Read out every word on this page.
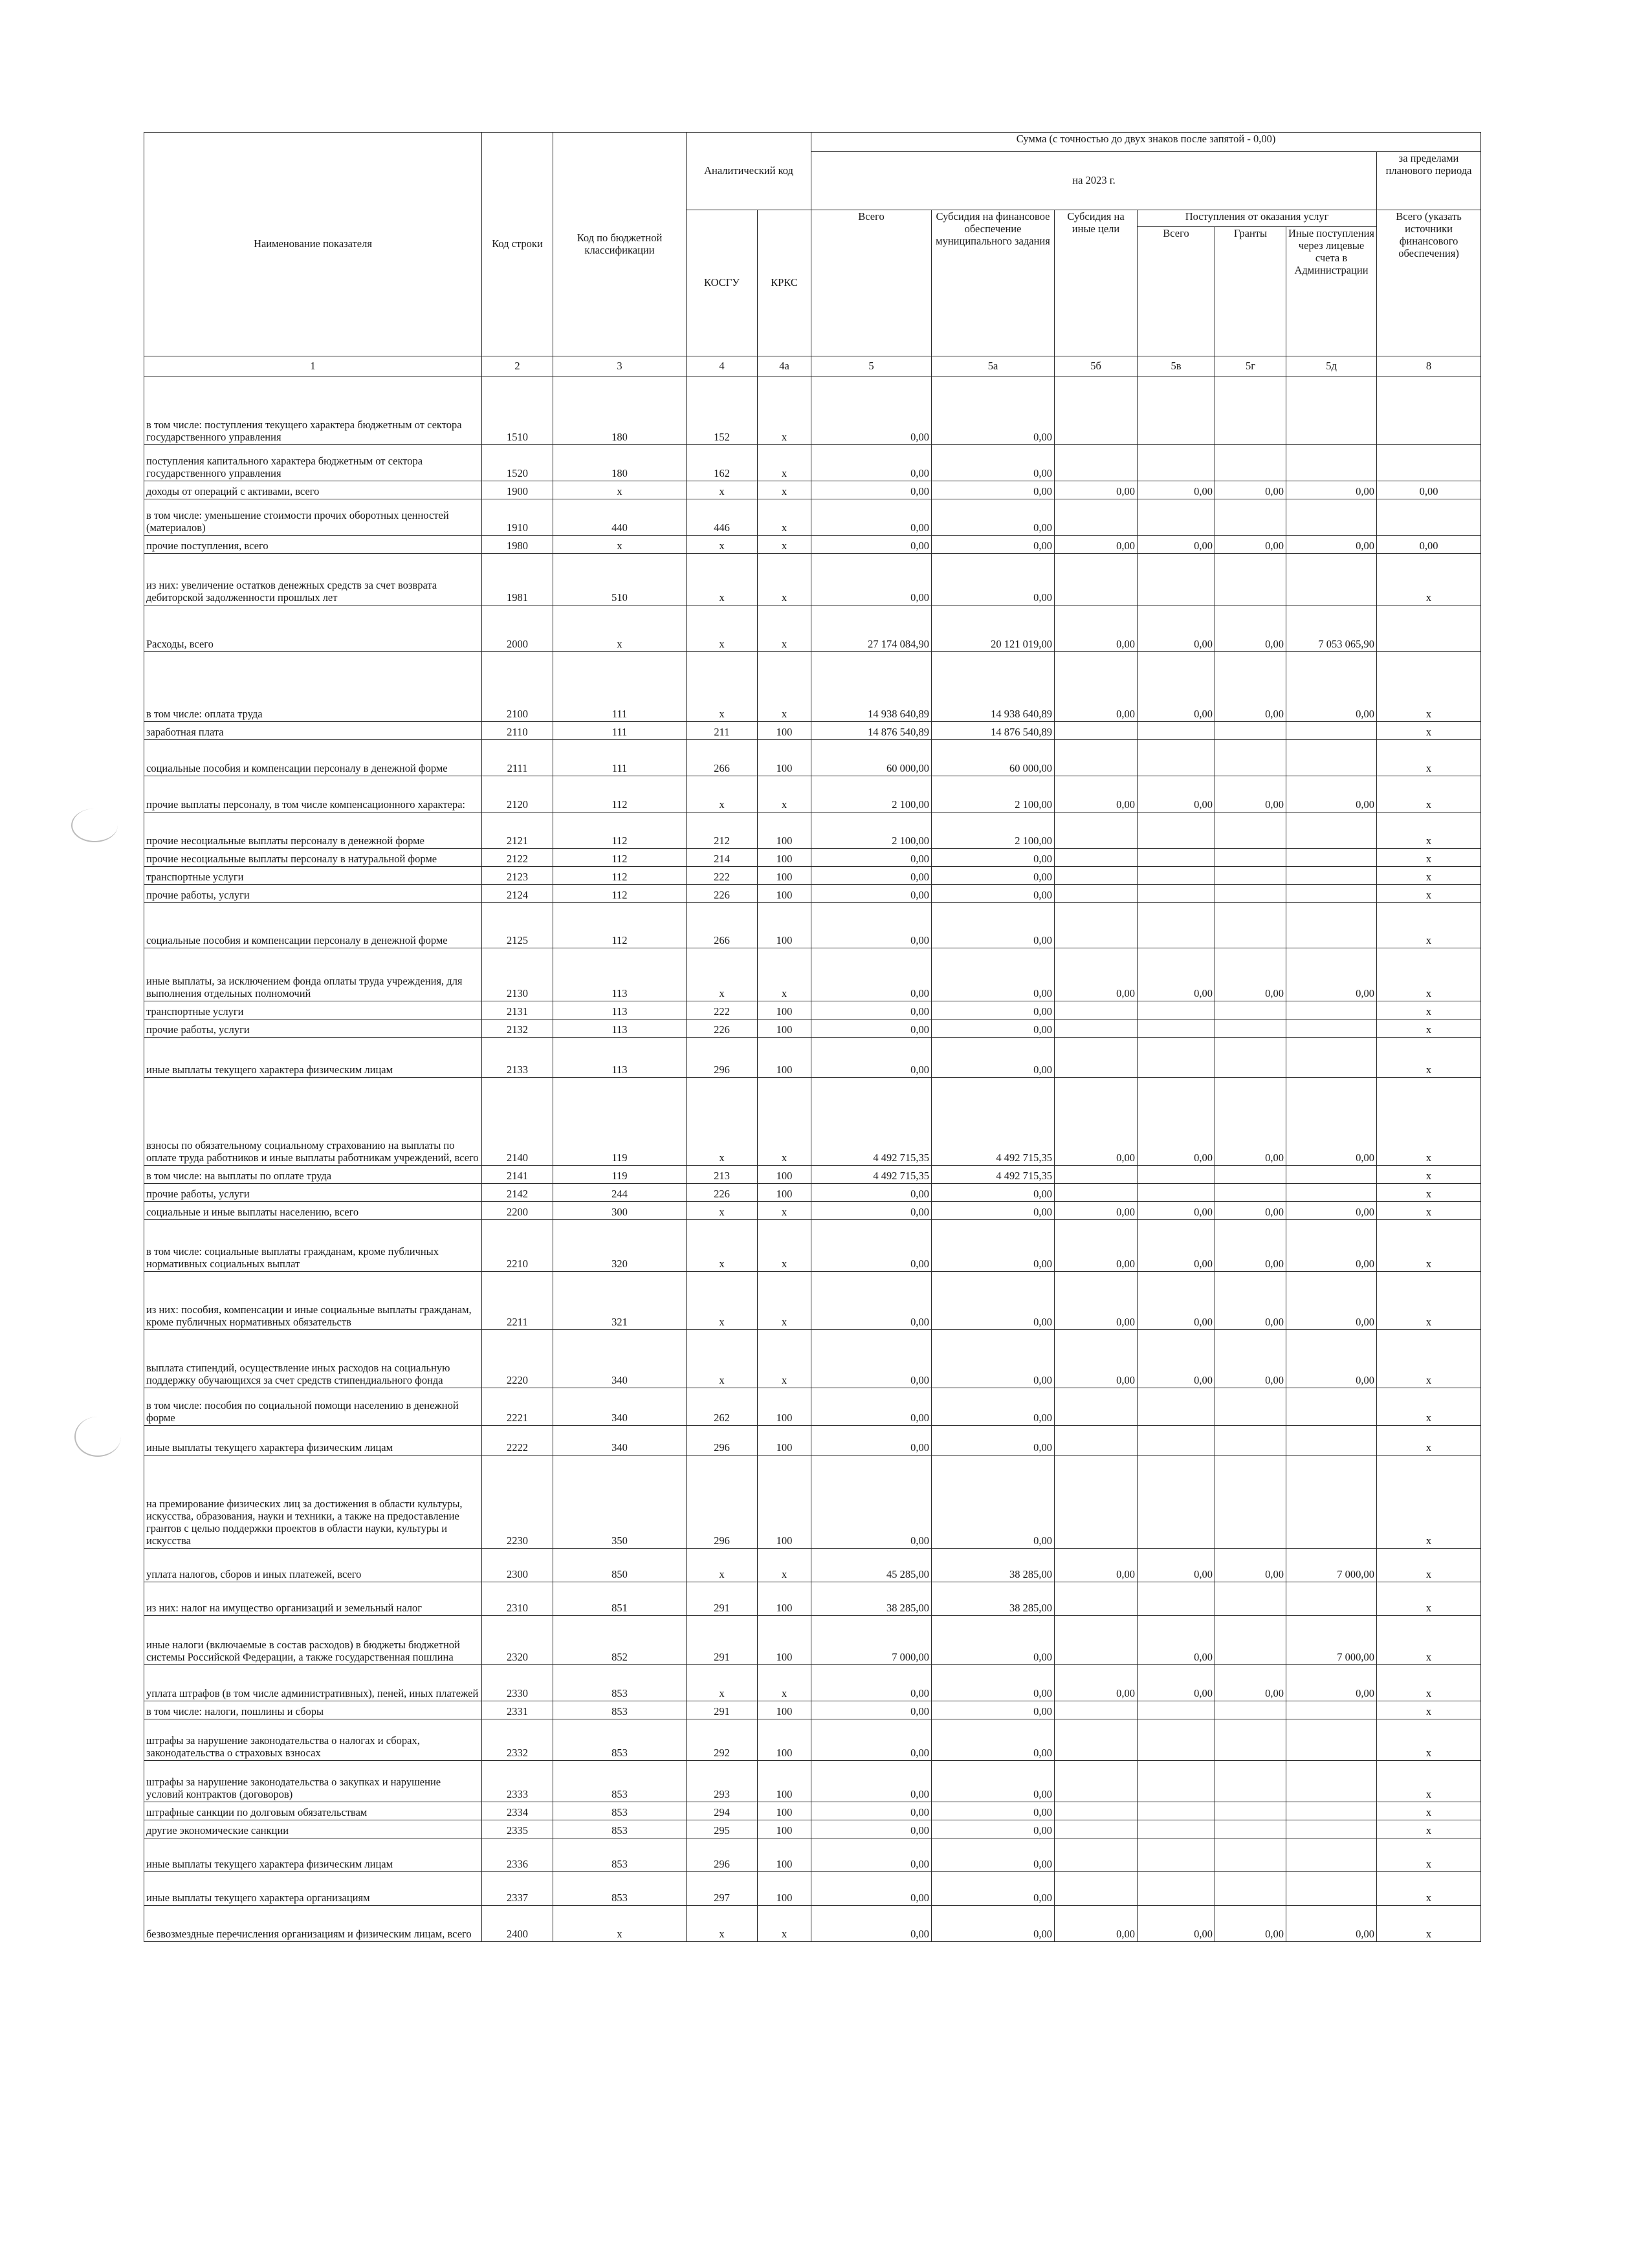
Наименование показателя	Код строки	Код по бюджетной классификации	Аналитический код		Сумма (с точностью до двух знаков после запятой - 0,00)						
					на 2023 г.						за пределами планового периода
			КОСГУ	КРКС	Всего	Субсидия на финансовое обеспечение муниципального задания	Субсидия на иные цели	Поступления от оказания услуг			Всего (указать источники финансового обеспечения)
								Всего	Гранты	Иные поступления через лицевые счета в Администрации	
1	2	3	4	4а	5	5а	5б	5в	5г	5д	8
в том числе: поступления текущего характера бюджетным от сектора государственного управления	1510	180	152	x	0,00	0,00					
поступления капитального характера бюджетным от сектора государственного управления	1520	180	162	x	0,00	0,00					
доходы от операций с активами, всего	1900	x	x	x	0,00	0,00	0,00	0,00	0,00	0,00	0,00
в том числе: уменьшение стоимости прочих оборотных ценностей (материалов)	1910	440	446	x	0,00	0,00					
прочие поступления, всего	1980	x	x	x	0,00	0,00	0,00	0,00	0,00	0,00	0,00
из них: увеличение остатков денежных средств за счет возврата дебиторской задолженности прошлых лет	1981	510	x	x	0,00	0,00					x
Расходы, всего	2000	x	x	x	27 174 084,90	20 121 019,00	0,00	0,00	0,00	7 053 065,90	
в том числе: оплата труда	2100	111	x	x	14 938 640,89	14 938 640,89	0,00	0,00	0,00	0,00	x
заработная плата	2110	111	211	100	14 876 540,89	14 876 540,89					x
социальные пособия и компенсации персоналу в денежной форме	2111	111	266	100	60 000,00	60 000,00					x
прочие выплаты персоналу, в том числе компенсационного характера:	2120	112	x	x	2 100,00	2 100,00	0,00	0,00	0,00	0,00	x
прочие несоциальные выплаты персоналу в денежной форме	2121	112	212	100	2 100,00	2 100,00					x
прочие несоциальные выплаты персоналу в натуральной форме	2122	112	214	100	0,00	0,00					x
транспортные услуги	2123	112	222	100	0,00	0,00					x
прочие работы, услуги	2124	112	226	100	0,00	0,00					x
социальные пособия и компенсации персоналу в денежной форме	2125	112	266	100	0,00	0,00					x
иные выплаты, за исключением фонда оплаты труда учреждения, для выполнения отдельных полномочий	2130	113	x	x	0,00	0,00	0,00	0,00	0,00	0,00	x
транспортные услуги	2131	113	222	100	0,00	0,00					x
прочие работы, услуги	2132	113	226	100	0,00	0,00					x
иные выплаты текущего характера физическим лицам	2133	113	296	100	0,00	0,00					x
взносы по обязательному социальному страхованию на выплаты по оплате труда работников и иные выплаты работникам учреждений, всего	2140	119	x	x	4 492 715,35	4 492 715,35	0,00	0,00	0,00	0,00	x
в том числе: на выплаты по оплате труда	2141	119	213	100	4 492 715,35	4 492 715,35					x
прочие работы, услуги	2142	244	226	100	0,00	0,00					x
социальные и иные выплаты населению, всего	2200	300	x	x	0,00	0,00	0,00	0,00	0,00	0,00	x
в том числе: социальные выплаты гражданам, кроме публичных нормативных социальных выплат	2210	320	x	x	0,00	0,00	0,00	0,00	0,00	0,00	x
из них: пособия, компенсации и иные социальные выплаты гражданам, кроме публичных нормативных обязательств	2211	321	x	x	0,00	0,00	0,00	0,00	0,00	0,00	x
выплата стипендий, осуществление иных расходов на социальную поддержку обучающихся за счет средств стипендиального фонда	2220	340	x	x	0,00	0,00	0,00	0,00	0,00	0,00	x
в том числе: пособия по социальной помощи населению в денежной форме	2221	340	262	100	0,00	0,00					x
иные выплаты текущего характера физическим лицам	2222	340	296	100	0,00	0,00					x
на премирование физических лиц за достижения в области культуры, искусства, образования, науки и техники, а также на предоставление грантов с целью поддержки проектов в области науки, культуры и искусства	2230	350	296	100	0,00	0,00					x
уплата налогов, сборов и иных платежей, всего	2300	850	x	x	45 285,00	38 285,00	0,00	0,00	0,00	7 000,00	x
из них: налог на имущество организаций и земельный налог	2310	851	291	100	38 285,00	38 285,00					x
иные налоги (включаемые в состав расходов) в бюджеты бюджетной системы Российской Федерации, а также государственная пошлина	2320	852	291	100	7 000,00	0,00		0,00		7 000,00	x
уплата штрафов (в том числе административных), пеней, иных платежей	2330	853	x	x	0,00	0,00	0,00	0,00	0,00	0,00	x
в том числе: налоги, пошлины и сборы	2331	853	291	100	0,00	0,00					x
штрафы за нарушение законодательства о налогах и сборах, законодательства о страховых взносах	2332	853	292	100	0,00	0,00					x
штрафы за нарушение законодательства о закупках и нарушение условий контрактов (договоров)	2333	853	293	100	0,00	0,00					x
штрафные санкции по долговым обязательствам	2334	853	294	100	0,00	0,00					x
другие экономические санкции	2335	853	295	100	0,00	0,00					x
иные выплаты текущего характера физическим лицам	2336	853	296	100	0,00	0,00					x
иные выплаты текущего характера организациям	2337	853	297	100	0,00	0,00					x
безвозмездные перечисления организациям и физическим лицам, всего	2400	x	x	x	0,00	0,00	0,00	0,00	0,00	0,00	x
